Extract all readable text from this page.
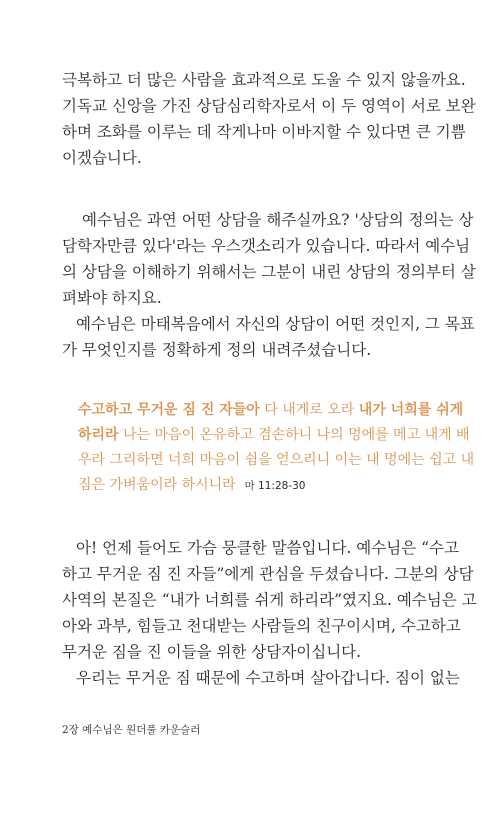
극복하고 더 많은 사람을 효과적으로 도울 수 있지 않을까요.
기독교 신앙을 가진 상담심리학자로서 이 두 영역이 서로 보완
하며 조화를 이루는 데 작게나마 이바지할 수 있다면 큰 기쁨
이겠습니다.
예수님은 과연 어떤 상담을 해주실까요? '상담의 정의는 상
담학자만큼 있다'라는 우스갯소리가 있습니다. 따라서 예수님
의 상담을 이해하기 위해서는 그분이 내린 상담의 정의부터 살
펴봐야 하지요.
예수님은 마태복음에서 자신의 상담이 어떤 것인지, 그 목표
가 무엇인지를 정확하게 정의 내려주셨습니다.
수고하고 무거운 짐 진 자들아 다 내게로 오라 내가 너희를 쉬게
하리라 나는 마음이 온유하고 겸손하니 나의 멍에를 메고 내게 배
우라 그리하면 너희 마음이 쉼을 얻으리니 이는 내 멍에는 쉽고 내
짐은 가벼움이라 하시니라 마 11:28-30
아! 언제 들어도 가슴 뭉클한 말씀입니다. 예수님은 “수고
하고 무거운 짐 진 자들”에게 관심을 두셨습니다. 그분의 상담
사역의 본질은 “내가 너희를 쉬게 하리라”였지요. 예수님은 고
아와 과부, 힘들고 천대받는 사람들의 친구이시며, 수고하고
무거운 짐을 진 이들을 위한 상담자이십니다.
우리는 무거운 짐 때문에 수고하며 살아갑니다. 짐이 없는
2장 예수님은 원더풀 카운슬러
